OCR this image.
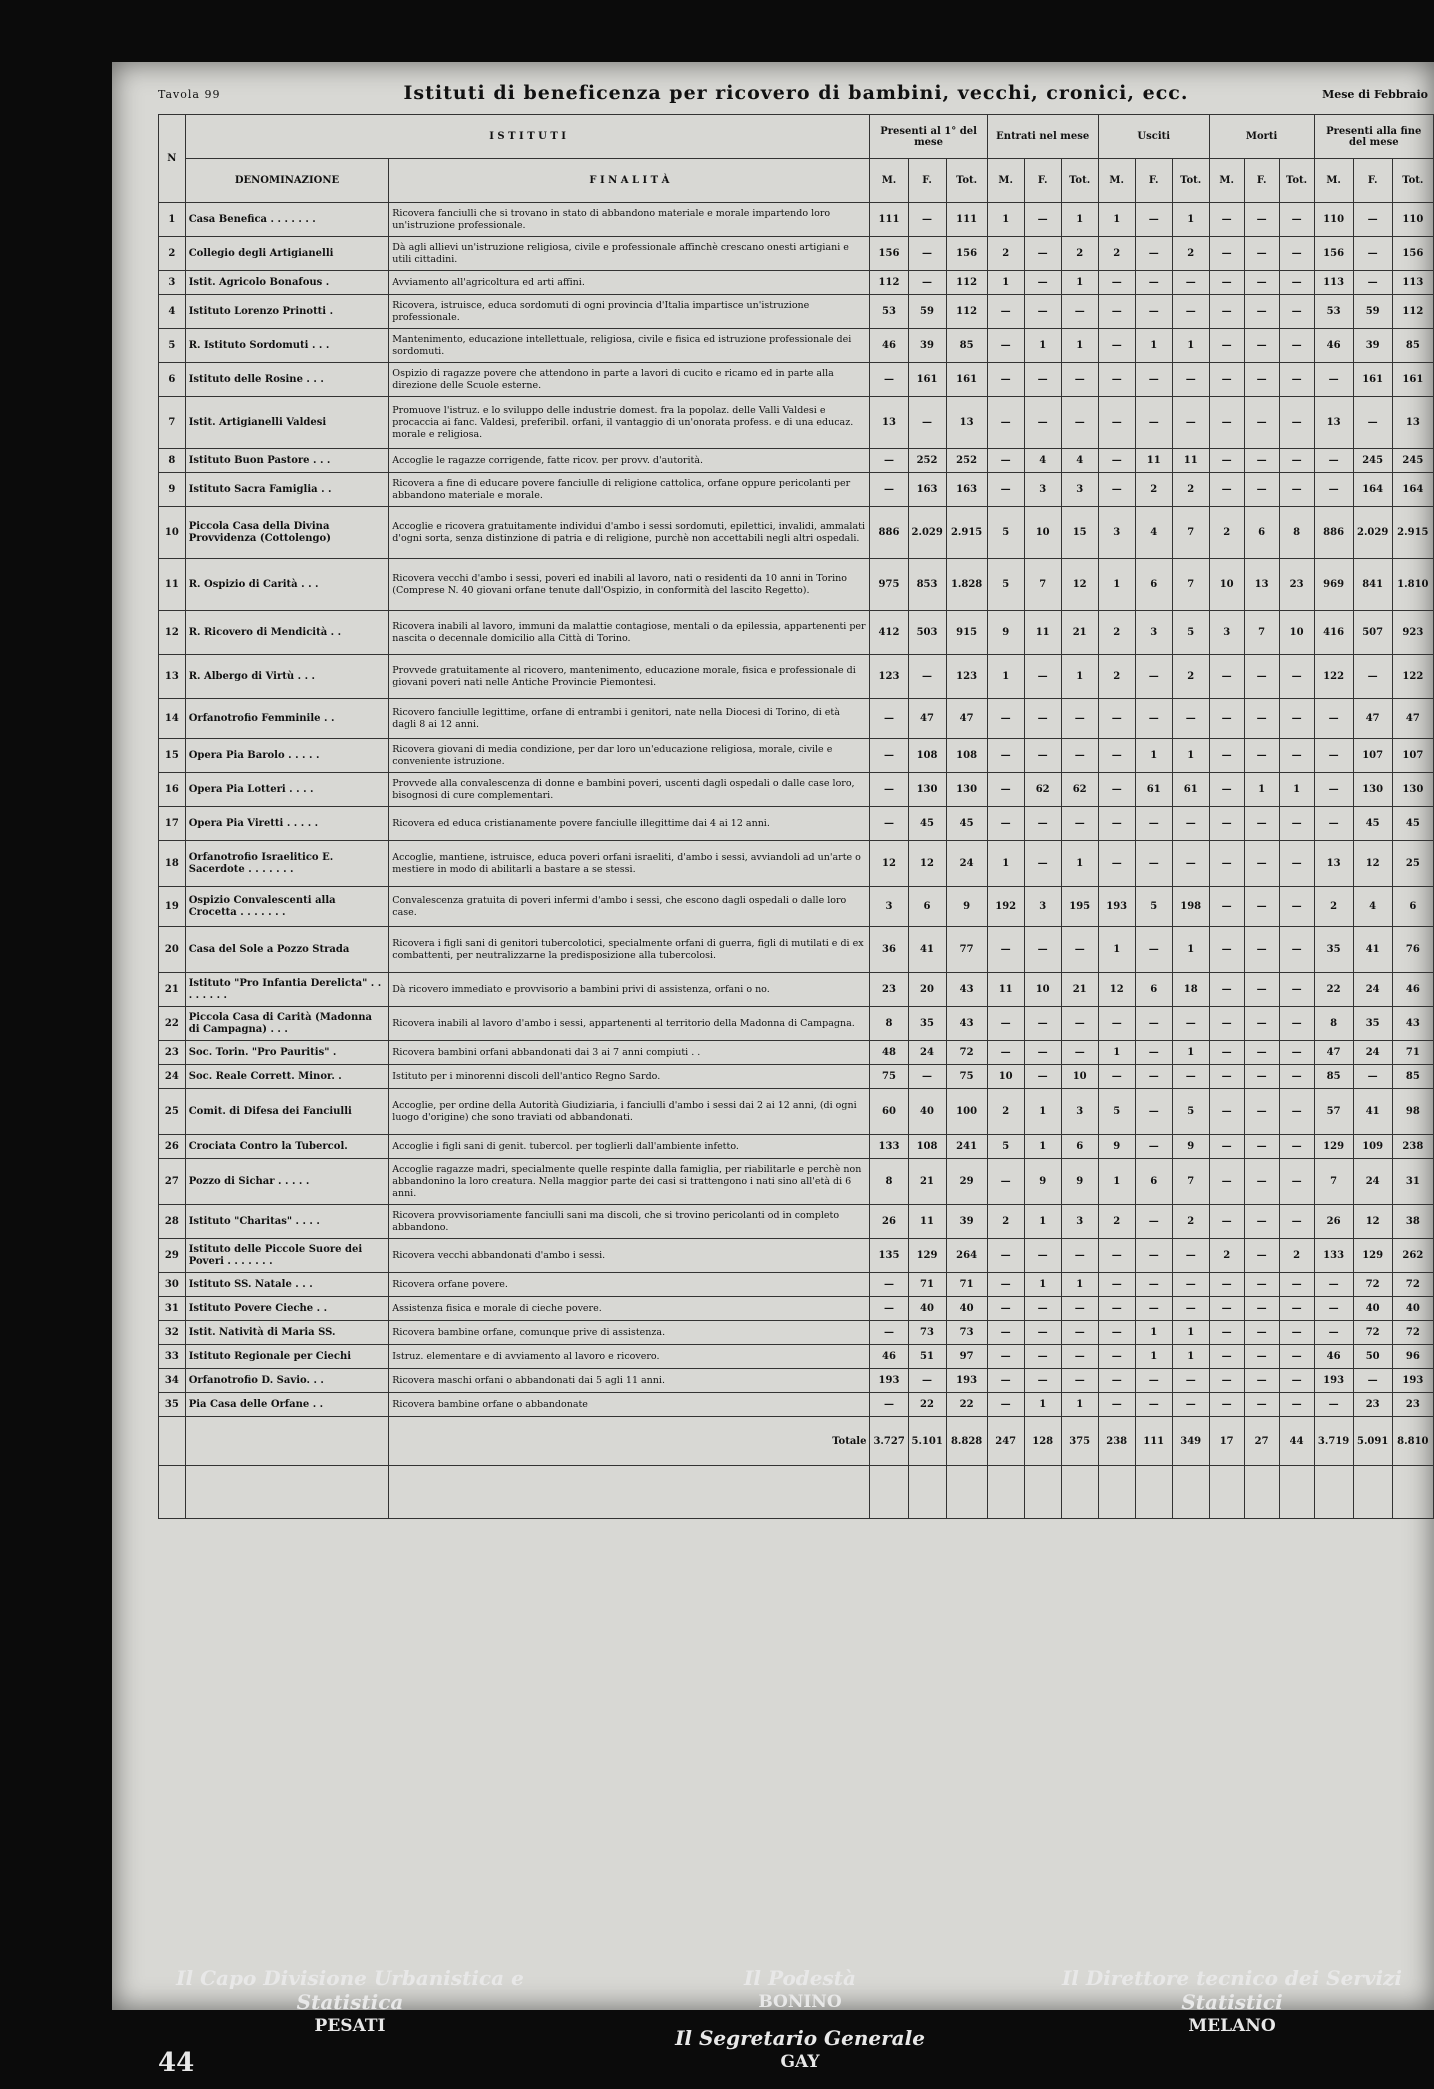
Tavola 99	Istituti di beneficenza per ricovero di bambini, vecchi, cronici, ecc.	Mese di Febbraio
N	I S T I T U T I		Presenti al 1° del mese			Entrati nel mese			Usciti			Morti			Presenti alla fine del mese		
	DENOMINAZIONE	F I N A L I T À	M.	F.	Tot.	M.	F.	Tot.	M.	F.	Tot.	M.	F.	Tot.	M.	F.	Tot.
1	Casa Benefica . . . . . . .	Ricovera fanciulli che si trovano in stato di abbandono materiale e morale impartendo loro un'istruzione professionale.	111	—	111	1	—	1	1	—	1	—	—	—	110	—	110
2	Collegio degli Artigianelli	Dà agli allievi un'istruzione religiosa, civile e professionale affinchè crescano onesti artigiani e utili cittadini.	156	—	156	2	—	2	2	—	2	—	—	—	156	—	156
3	Istit. Agricolo Bonafous .	Avviamento all'agricoltura ed arti affini.	112	—	112	1	—	1	—	—	—	—	—	—	113	—	113
4	Istituto Lorenzo Prinotti .	Ricovera, istruisce, educa sordomuti di ogni provincia d'Italia impartisce un'istruzione professionale.	53	59	112	—	—	—	—	—	—	—	—	—	53	59	112
5	R. Istituto Sordomuti . . .	Mantenimento, educazione intellettuale, religiosa, civile e fisica ed istruzione professionale dei sordomuti.	46	39	85	—	1	1	—	1	1	—	—	—	46	39	85
6	Istituto delle Rosine . . .	Ospizio di ragazze povere che attendono in parte a lavori di cucito e ricamo ed in parte alla direzione delle Scuole esterne.	—	161	161	—	—	—	—	—	—	—	—	—	—	161	161
7	Istit. Artigianelli Valdesi	Promuove l'istruz. e lo sviluppo delle industrie domest. fra la popolaz. delle Valli Valdesi e procaccia ai fanc. Valdesi, preferibil. orfani, il vantaggio di un'onorata profess. e di una educaz. morale e religiosa.	13	—	13	—	—	—	—	—	—	—	—	—	13	—	13
8	Istituto Buon Pastore . . .	Accoglie le ragazze corrigende, fatte ricov. per provv. d'autorità.	—	252	252	—	4	4	—	11	11	—	—	—	—	245	245
9	Istituto Sacra Famiglia . .	Ricovera a fine di educare povere fanciulle di religione cattolica, orfane oppure pericolanti per abbandono materiale e morale.	—	163	163	—	3	3	—	2	2	—	—	—	—	164	164
10	Piccola Casa della Divina Provvidenza (Cottolengo)	Accoglie e ricovera gratuitamente individui d'ambo i sessi sordomuti, epilettici, invalidi, ammalati d'ogni sorta, senza distinzione di patria e di religione, purchè non accettabili negli altri ospedali.	886	2.029	2.915	5	10	15	3	4	7	2	6	8	886	2.029	2.915
11	R. Ospizio di Carità . . .	Ricovera vecchi d'ambo i sessi, poveri ed inabili al lavoro, nati o residenti da 10 anni in Torino (Comprese N. 40 giovani orfane tenute dall'Ospizio, in conformità del lascito Regetto).	975	853	1.828	5	7	12	1	6	7	10	13	23	969	841	1.810
12	R. Ricovero di Mendicità . .	Ricovera inabili al lavoro, immuni da malattie contagiose, mentali o da epilessia, appartenenti per nascita o decennale domicilio alla Città di Torino.	412	503	915	9	11	21	2	3	5	3	7	10	416	507	923
13	R. Albergo di Virtù . . .	Provvede gratuitamente al ricovero, mantenimento, educazione morale, fisica e professionale di giovani poveri nati nelle Antiche Provincie Piemontesi.	123	—	123	1	—	1	2	—	2	—	—	—	122	—	122
14	Orfanotrofio Femminile . .	Ricovero fanciulle legittime, orfane di entrambi i genitori, nate nella Diocesi di Torino, di età dagli 8 ai 12 anni.	—	47	47	—	—	—	—	—	—	—	—	—	—	47	47
15	Opera Pia Barolo . . . . .	Ricovera giovani di media condizione, per dar loro un'educazione religiosa, morale, civile e conveniente istruzione.	—	108	108	—	—	—	—	1	1	—	—	—	—	107	107
16	Opera Pia Lotteri . . . .	Provvede alla convalescenza di donne e bambini poveri, uscenti dagli ospedali o dalle case loro, bisognosi di cure complementari.	—	130	130	—	62	62	—	61	61	—	1	1	—	130	130
17	Opera Pia Viretti . . . . .	Ricovera ed educa cristianamente povere fanciulle illegittime dai 4 ai 12 anni.	—	45	45	—	—	—	—	—	—	—	—	—	—	45	45
18	Orfanotrofio Israelitico E. Sacerdote . . . . . . .	Accoglie, mantiene, istruisce, educa poveri orfani israeliti, d'ambo i sessi, avviandoli ad un'arte o mestiere in modo di abilitarli a bastare a se stessi.	12	12	24	1	—	1	—	—	—	—	—	—	13	12	25
19	Ospizio Convalescenti alla Crocetta . . . . . . .	Convalescenza gratuita di poveri infermi d'ambo i sessi, che escono dagli ospedali o dalle loro case.	3	6	9	192	3	195	193	5	198	—	—	—	2	4	6
20	Casa del Sole a Pozzo Strada	Ricovera i figli sani di genitori tubercolotici, specialmente orfani di guerra, figli di mutilati e di ex combattenti, per neutralizzarne la predisposizione alla tubercolosi.	36	41	77	—	—	—	1	—	1	—	—	—	35	41	76
21	Istituto "Pro Infantia Derelicta" . . . . . . . .	Dà ricovero immediato e provvisorio a bambini privi di assistenza, orfani o no.	23	20	43	11	10	21	12	6	18	—	—	—	22	24	46
22	Piccola Casa di Carità (Madonna di Campagna) . . .	Ricovera inabili al lavoro d'ambo i sessi, appartenenti al territorio della Madonna di Campagna.	8	35	43	—	—	—	—	—	—	—	—	—	8	35	43
23	Soc. Torin. "Pro Pauritis" .	Ricovera bambini orfani abbandonati dai 3 ai 7 anni compiuti . .	48	24	72	—	—	—	1	—	1	—	—	—	47	24	71
24	Soc. Reale Corrett. Minor. .	Istituto per i minorenni discoli dell'antico Regno Sardo.	75	—	75	10	—	10	—	—	—	—	—	—	85	—	85
25	Comit. di Difesa dei Fanciulli	Accoglie, per ordine della Autorità Giudiziaria, i fanciulli d'ambo i sessi dai 2 ai 12 anni, (di ogni luogo d'origine) che sono traviati od abbandonati.	60	40	100	2	1	3	5	—	5	—	—	—	57	41	98
26	Crociata Contro la Tubercol.	Accoglie i figli sani di genit. tubercol. per toglierli dall'ambiente infetto.	133	108	241	5	1	6	9	—	9	—	—	—	129	109	238
27	Pozzo di Sichar . . . . .	Accoglie ragazze madri, specialmente quelle respinte dalla famiglia, per riabilitarle e perchè non abbandonino la loro creatura. Nella maggior parte dei casi si trattengono i nati sino all'età di 6 anni.	8	21	29	—	9	9	1	6	7	—	—	—	7	24	31
28	Istituto "Charitas" . . . .	Ricovera provvisoriamente fanciulli sani ma discoli, che si trovino pericolanti od in completo abbandono.	26	11	39	2	1	3	2	—	2	—	—	—	26	12	38
29	Istituto delle Piccole Suore dei Poveri . . . . . . .	Ricovera vecchi abbandonati d'ambo i sessi.	135	129	264	—	—	—	—	—	—	2	—	2	133	129	262
30	Istituto SS. Natale . . .	Ricovera orfane povere.	—	71	71	—	1	1	—	—	—	—	—	—	—	72	72
31	Istituto Povere Cieche . .	Assistenza fisica e morale di cieche povere.	—	40	40	—	—	—	—	—	—	—	—	—	—	40	40
32	Istit. Natività di Maria SS.	Ricovera bambine orfane, comunque prive di assistenza.	—	73	73	—	—	—	—	1	1	—	—	—	—	72	72
33	Istituto Regionale per Ciechi	Istruz. elementare e di avviamento al lavoro e ricovero.	46	51	97	—	—	—	—	1	1	—	—	—	46	50	96
34	Orfanotrofio D. Savio. . .	Ricovera maschi orfani o abbandonati dai 5 agli 11 anni.	193	—	193	—	—	—	—	—	—	—	—	—	193	—	193
35	Pia Casa delle Orfane . .	Ricovera bambine orfane o abbandonate	—	22	22	—	1	1	—	—	—	—	—	—	—	23	23
		Totale	3.727	5.101	8.828	247	128	375	238	111	349	17	27	44	3.719	5.091	8.810

Il Capo Divisione Urbanistica e Statistica
PESATI
Il Podestà
BONINO
Il Direttore tecnico dei Servizi Statistici
MELANO
Il Segretario Generale
GAY
44
